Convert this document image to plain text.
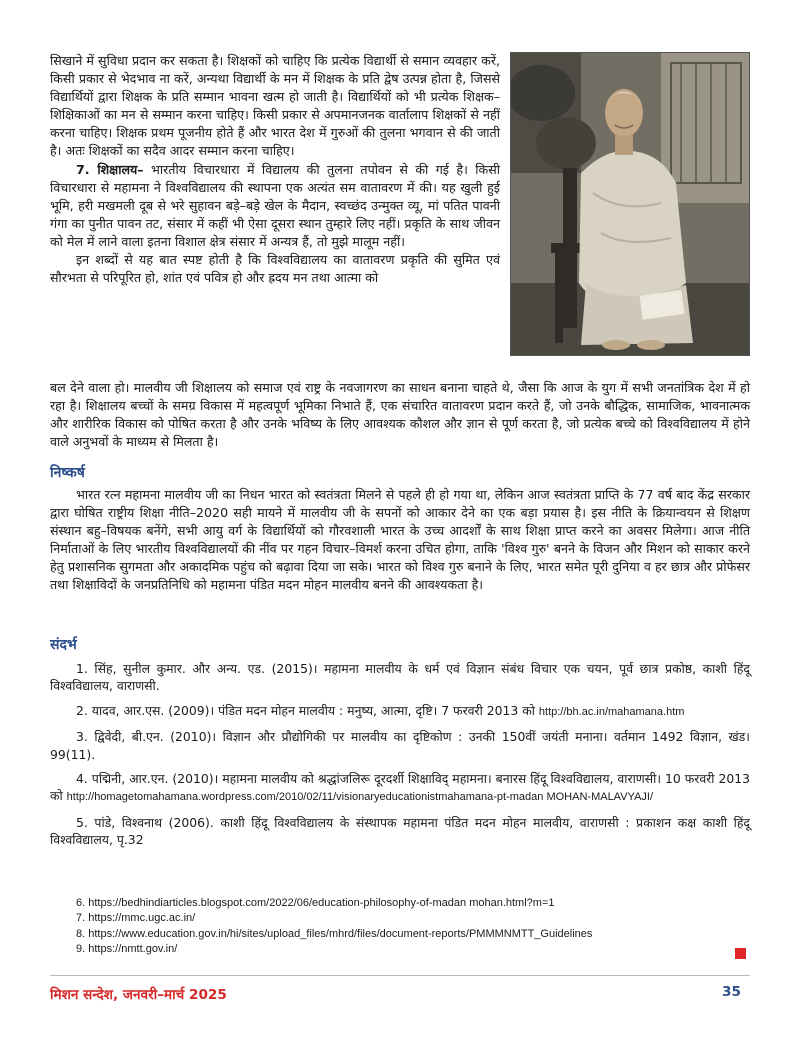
सिखाने में सुविधा प्रदान कर सकता है। शिक्षकों को चाहिए कि प्रत्येक विद्यार्थी से समान व्यवहार करें, किसी प्रकार से भेदभाव ना करें, अन्यथा विद्यार्थी के मन में शिक्षक के प्रति द्वेष उत्पन्न होता है, जिससे विद्यार्थियों द्वारा शिक्षक के प्रति सम्मान भावना खत्म हो जाती है। विद्यार्थियों को भी प्रत्येक शिक्षक–शिक्षिकाओं का मन से सम्मान करना चाहिए। किसी प्रकार से अपमानजनक वार्तालाप शिक्षकों से नहीं करना चाहिए। शिक्षक प्रथम पूजनीय होते हैं और भारत देश में गुरुओं की तुलना भगवान से की जाती है। अतः शिक्षकों का सदैव आदर सम्मान करना चाहिए।

7. शिक्षालय– भारतीय विचारधारा में विद्यालय की तुलना तपोवन से की गई है। किसी विचारधारा से महामना ने विश्वविद्यालय की स्थापना एक अत्यंत सम वातावरण में की। यह खुली हुई भूमि, हरी मखमली दूब से भरे सुहावन बड़े–बड़े खेल के मैदान, स्वच्छंद उन्मुक्त व्यू, मां पतित पावनी गंगा का पुनीत पावन तट, संसार में कहीं भी ऐसा दूसरा स्थान तुम्हारे लिए नहीं। प्रकृति के साथ जीवन को मेल में लाने वाला इतना विशाल क्षेत्र संसार में अन्यत्र हैं, तो मुझे मालूम नहीं।

इन शब्दों से यह बात स्पष्ट होती है कि विश्वविद्यालय का वातावरण प्रकृति की सुमित एवं सौरभता से परिपूरित हो, शांत एवं पवित्र हो और ह्रदय मन तथा आत्मा को

बल देने वाला हो। मालवीय जी शिक्षालय को समाज एवं राष्ट्र के नवजागरण का साधन बनाना चाहते थे, जैसा कि आज के युग में सभी जनतांत्रिक देश में हो रहा है। शिक्षालय बच्चों के समग्र विकास में महत्वपूर्ण भूमिका निभाते हैं, एक संचारित वातावरण प्रदान करते हैं, जो उनके बौद्धिक, सामाजिक, भावनात्मक और शारीरिक विकास को पोषित करता है और उनके भविष्य के लिए आवश्यक कौशल और ज्ञान से पूर्ण करता है, जो प्रत्येक बच्चे को विश्वविद्यालय में होने वाले अनुभवों के माध्यम से मिलता है।

निष्कर्ष

भारत रत्न महामना मालवीय जी का निधन भारत को स्वतंत्रता मिलने से पहले ही हो गया था, लेकिन आज स्वतंत्रता प्राप्ति के 77 वर्ष बाद केंद्र सरकार द्वारा घोषित राष्ट्रीय शिक्षा नीति–2020 सही मायने में मालवीय जी के सपनों को आकार देने का एक बड़ा प्रयास है। इस नीति के क्रियान्वयन से शिक्षण संस्थान बहु–विषयक बनेंगे, सभी आयु वर्ग के विद्यार्थियों को गौरवशाली भारत के उच्च आदर्शों के साथ शिक्षा प्राप्त करने का अवसर मिलेगा। आज नीति निर्माताओं के लिए भारतीय विश्वविद्यालयों की नींव पर गहन विचार–विमर्श करना उचित होगा, ताकि 'विश्व गुरु' बनने के विजन और मिशन को साकार करने हेतु प्रशासनिक सुगमता और अकादमिक पहुंच को बढ़ावा दिया जा सके। भारत को विश्व गुरु बनाने के लिए, भारत समेत पूरी दुनिया व हर छात्र और प्रोफेसर तथा शिक्षाविदों के जनप्रतिनिधि को महामना पंडित मदन मोहन मालवीय बनने की आवश्यकता है।

संदर्भ

1. सिंह, सुनील कुमार. और अन्य. एड. (2015)। महामना मालवीय के धर्म एवं विज्ञान संबंध विचार एक चयन, पूर्व छात्र प्रकोष्ठ, काशी हिंदू विश्वविद्यालय, वाराणसी.

2. यादव, आर.एस. (2009)। पंडित मदन मोहन मालवीय : मनुष्य, आत्मा, दृष्टि। 7 फरवरी 2013 को http://bh.ac.in/mahamana.htm

3. द्विवेदी, बी.एन. (2010)। विज्ञान और प्रौद्योगिकी पर मालवीय का दृष्टिकोण : उनकी 150वीं जयंती मनाना। वर्तमान 1492 विज्ञान, खंड। 99(11).

4. पद्मिनी, आर.एन. (2010)। महामना मालवीय को श्रद्धांजलिरू दूरदर्शी शिक्षाविद् महामना। बनारस हिंदू विश्वविद्यालय, वाराणसी। 10 फरवरी 2013 को http://homagetomahamana.wordpress.com/2010/02/11/visionaryeducationistmahamana-pt-madan MOHAN-MALAVYAJI/

5. पांडे, विश्वनाथ (2006). काशी हिंदू विश्वविद्यालय के संस्थापक महामना पंडित मदन मोहन मालवीय, वाराणसी : प्रकाशन कक्ष काशी हिंदू विश्वविद्यालय, पृ.32

6. https://bedhindiarticles.blogspot.com/2022/06/education-philosophy-of-madan mohan.html?m=1
7. https://mmc.ugc.ac.in/
8. https://www.education.gov.in/hi/sites/upload_files/mhrd/files/document-reports/PMMMNMTT_Guidelines
9. https://nmtt.gov.in/
मिशन सन्देश, जनवरी–मार्च 2025	35
